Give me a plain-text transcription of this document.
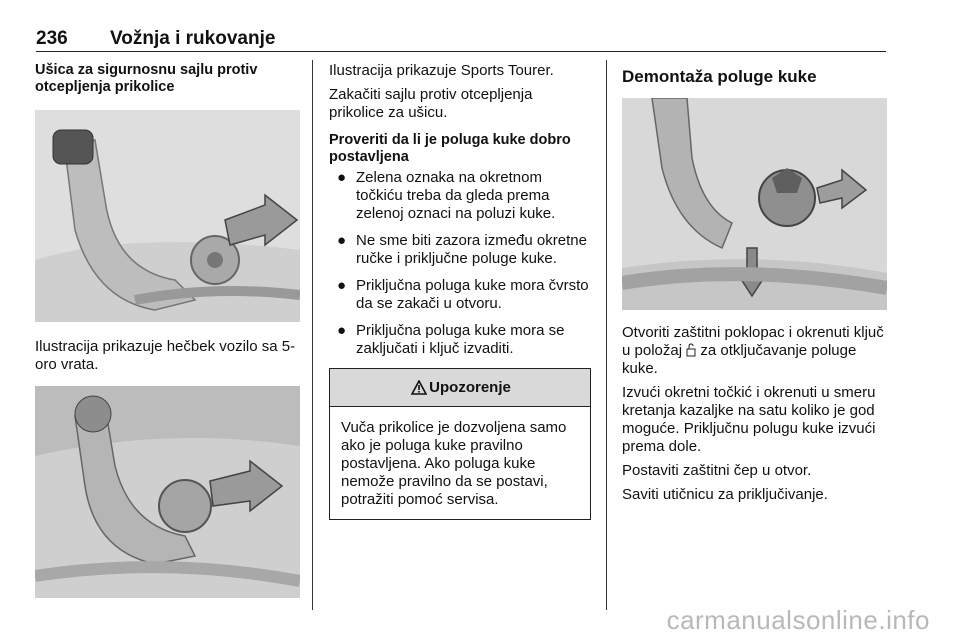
236 Vožnja i rukovanje
Ušica za sigurnosnu sajlu protiv otcepljenja prikolice

Ilustracija prikazuje hečbek vozilo sa 5-oro vrata.

Ilustracija prikazuje Sports Tourer.

Zakačiti sajlu protiv otcepljenja prikolice za ušicu.

Proveriti da li je poluga kuke dobro postavljena
● Zelena oznaka na okretnom točkiću treba da gleda prema zelenoj oznaci na poluzi kuke.
● Ne sme biti zazora između okretne ručke i priključne poluge kuke.
● Priključna poluga kuke mora čvrsto da se zakači u otvoru.
● Priključna poluga kuke mora se zaključati i ključ izvaditi.
Upozorenje
Vuča prikolice je dozvoljena samo ako je poluga kuke pravilno postavljena. Ako poluga kuke nemože pravilno da se postavi, potražiti pomoć servisa.
Demontaža poluge kuke

Otvoriti zaštitni poklopac i okrenuti ključ u položaj za otključavanje poluge kuke.

Izvući okretni točkić i okrenuti u smeru kretanja kazaljke na satu koliko je god moguće. Priključnu polugu kuke izvući prema dole.

Postaviti zaštitni čep u otvor.

Saviti utičnicu za priključivanje.

carmanualsonline.info
